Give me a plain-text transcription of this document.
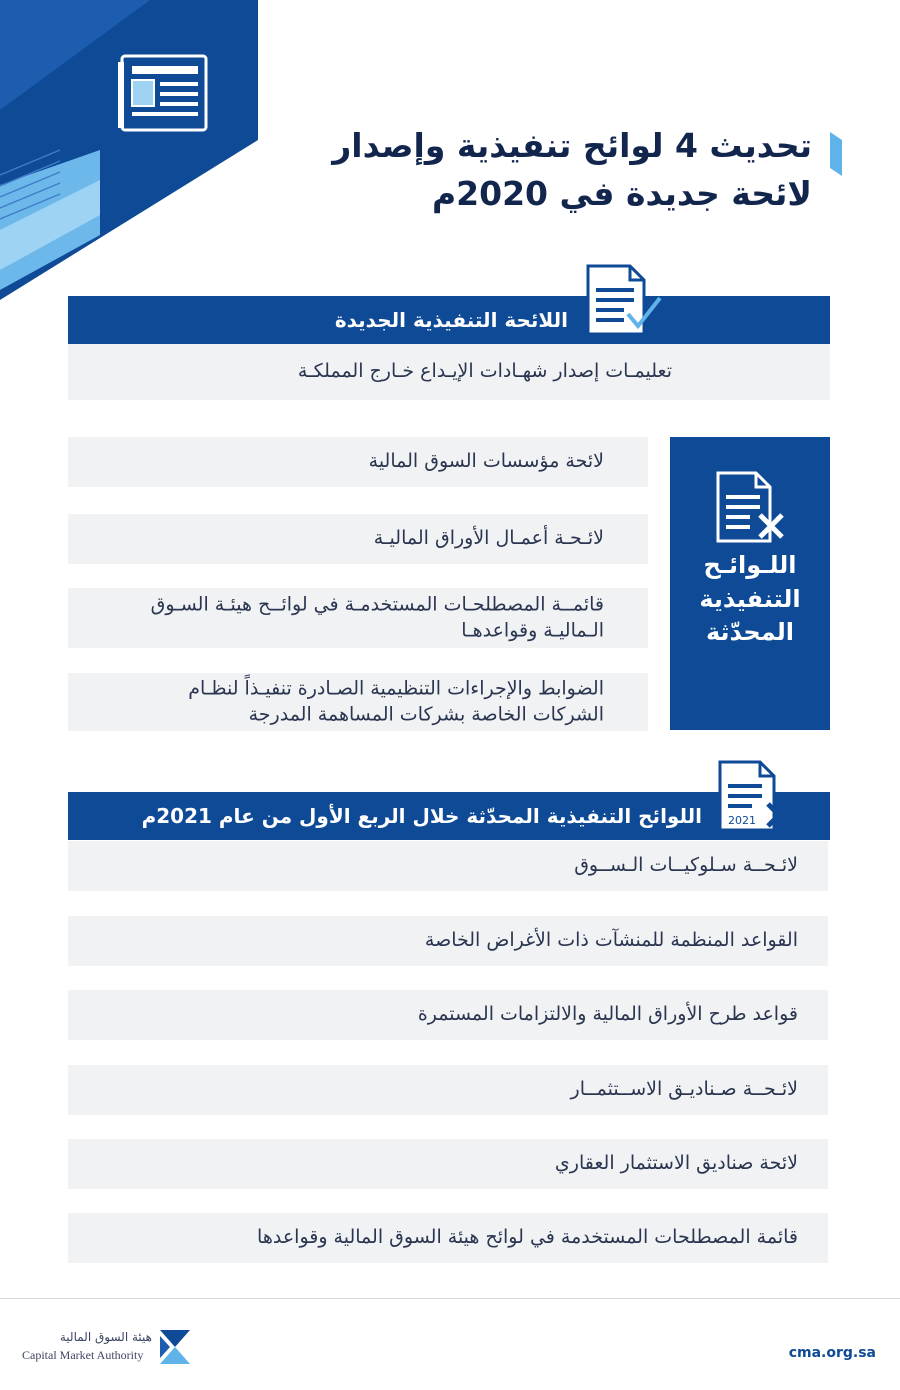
تحديث 4 لوائح تنفيذية وإصدار
لائحة جديدة في 2020م
اللائحة التنفيذية الجديدة
تعليمـات إصدار شهـادات الإيـداع خـارج المملكـة
اللـوائـح
التنفيذية
المحدّثة
لائحة مؤسسات السوق المالية
لائـحـة أعمـال الأوراق الماليـة
قائمــة المصطلحـات المستخدمـة في لوائــح هيئـة السـوق الـماليـة وقواعدهـا
الضوابط والإجراءات التنظيمية الصـادرة تنفيـذاً لنظـام الشركات الخاصة بشركات المساهمة المدرجة
اللوائح التنفيذية المحدّثة خلال الربع الأول من عام 2021م 2021
لائـحــة سـلوكيــات الـســوق
القواعد المنظمة للمنشآت ذات الأغراض الخاصة
قواعد طرح الأوراق المالية والالتزامات المستمرة
لائـحــة صـناديـق الاســتثمــار
لائحة صناديق الاستثمار العقاري
قائمة المصطلحات المستخدمة في لوائح هيئة السوق المالية وقواعدها
هيئة السوق المالية
Capital Market Authority	cma.org.sa
